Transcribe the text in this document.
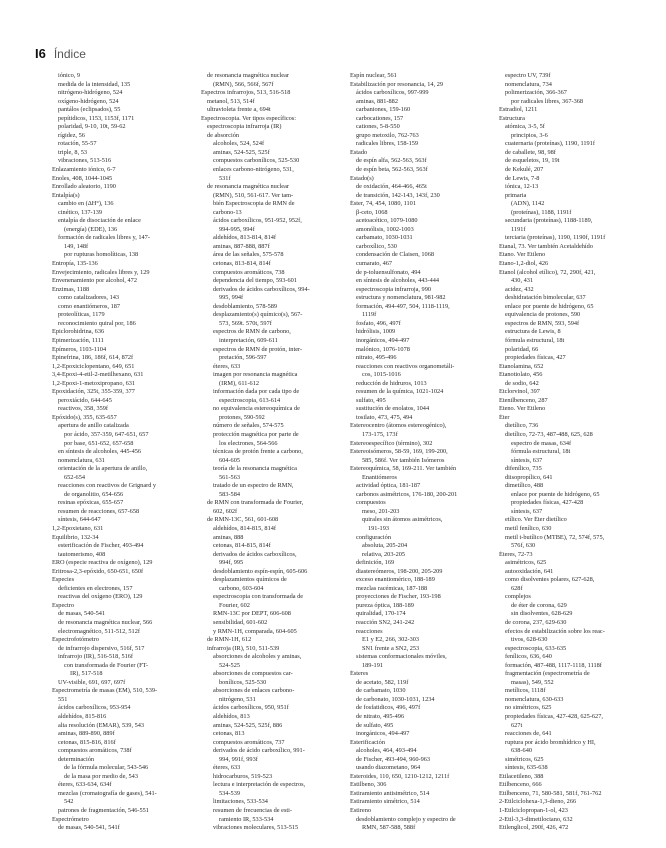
I6 Índice
iónico, 9
medida de la intensidad, 135
nitrógeno-hidrógeno, 524
oxígeno-hidrógeno, 524
pantálos (eclipsados), 55
pepítidicos, 1153, 1153f, 1171
polaridad, 9-10, 10t, 59-62
rígidez, 56
rotación, 55-57
triple, 8, 53
vibraciones, 513-516
Enlazamiento iónico, 6-7
Enoles, 408, 1044-1045
Enrollado aleatorio, 1190
Entalpía(s)
cambio en (ΔH°), 136
cinético, 137-139
entalpía de disociación de enlace
(energía) (EDE), 136
formación de radicales libres y, 147-
149, 148f
por rupturas homolíticas, 138
Entropía, 135-136
Envejecimiento, radicales libres y, 129
Envenenamiento por alcohol, 472
Enzimas, 1188
como catalizadores, 143
como enantiómeros, 187
proteolíticas, 1179
reconocimiento quiral por, 186
Epiclorohidrina, 636
Epimerización, 1111
Epímeros, 1103-1104
Epinefrina, 186, 186f, 614, 872f
1,2-Epoxiciclopentano, 649, 651
3,4-Epoxi-4-etil-2-metilhexano, 631
1,2-Epoxi-1-metoxipropano, 631
Epoxidación, 325t, 355-359, 377
peroxiácido, 644-645
reactivos, 358, 359f
Epóxido(s), 355, 635-657
apertura de anillo catalizada
por ácido, 357-359, 647-651, 657
por base, 651-652, 657-658
en síntesis de alcoholes, 445-456
nomenclatura, 631
orientación de la apertura de anillo,
652-654
reacciones con reactivos de Grignard y
de organolitio, 654-656
resinas epóxicas, 655-657
resumen de reacciones, 657-658
síntesis, 644-647
1,2-Epoxietano, 631
Equilibrio, 132-34
esterificación de Fischer, 493-494
tautomerismo, 408
ERO (especie reactiva de oxígeno), 129
Eritrosa-2,3-epóxido, 650-651, 650f
Especies
deficientes en electrones, 157
reactivas del oxígeno (ERO), 129
Espectro
de masas, 540-541
de resonancia magnética nuclear, 566
electromagnético, 511-512, 512f
Espectrofotómetro
de infrarrojo dispersivo, 516f, 517
infrarrojo (IR), 516-518, 516f
con transformada de Fourier (FT-
IR), 517-518
UV-visible, 691, 697, 697f
Espectrometría de masas (EM), 510, 539-
551
ácidos carboxílicos, 953-954
aldehídos, 815-816
alta resolución (EMAR), 539, 543
aminas, 889-890, 889f
cetonas, 815-816, 816f
compuestos aromáticos, 738f
determinación
de la fórmula molecular, 543-546
de la masa por medio de, 543
éteres, 633-634, 634f
mezclas (cromatografía de gases), 541-
542
patrones de fragmentación, 546-551
Espectrómetro
de masas, 540-541, 541f
de resonancia magnética nuclear
(RMN), 566, 566f, 567f
Espectros infrarrojos, 513, 516-518
metanol, 513, 514f
ultravioleta frente a, 694t
Espectroscopia. Ver tipos específicos:
espectroscopia infrarroja (IR)
de absorción
alcoholes, 524, 524f
aminas, 524-525, 525f
compuestos carbonílicos, 525-530
enlaces carbono-nitrógeno, 531,
531f
de resonancia magnética nuclear
(RMN), 510, 561-617. Ver tam-
bién Espectroscopia de RMN de
carbono-13
ácidos carboxílicos, 951-952, 952f,
994-995, 994f
aldehídos, 813-814, 814f
aminas, 887-888, 887f
área de las señales, 575-578
cetonas, 813-814, 814f
compuestos aromáticos, 738
dependencia del tiempo, 593-601
derivados de ácidos carboxílicos, 994-
995, 994f
desdoblamiento, 578-589
desplazamiento(s) químico(s), 567-
573, 569t. 570t, 597f
espectros de RMN de carbono,
interpretación, 609-611
espectros de RMN de protón, inter-
pretación, 596-597
éteres, 633
imagen por resonancia magnética
(IRM), 611-612
información dada por cada tipo de
espectroscopia, 613-614
no equivalencia estereoquímica de
protones, 590-592
número de señales, 574-575
protección magnética por parte de
los electrones, 564-566
técnicas de protón frente a carbono,
604-605
teoría de la resonancia magnética
561-563
tratado de un espectro de RMN,
583-584
de RMN con transformada de Fourier,
602, 602f
de RMN-13C, 561, 601-608
aldehídos, 814-815, 814f
aminas, 888
cetonas, 814-815, 814f
derivados de ácidos carboxílicos,
994f, 995
desdoblamiento espín-espín, 605-606
desplazamientos químicos de
carbono, 603-604
espectroscopia con transformada de
Fourier, 602
RMN-13C por DEPT, 606-608
sensibilidad, 601-602
y RMN-1H, comparada, 604-605
de RMN-1H, 612
infrarroja (IR), 510, 511-539
absorciones de alcoholes y aminas,
524-525
absorciones de compuestos car-
bonílicos, 525-530
absorciones de enlaces carbono-
nitrógeno, 531
ácidos carboxílicos, 950, 951f
aldehídos, 813
aminas, 524-525, 525f, 886
cetonas, 813
compuestos aromáticos, 737
derivados de ácido carboxílico, 991-
994, 991f, 993f
éteres, 633
hidrocarburos, 519-523
lectura e interpretación de espectros,
534-539
limitaciones, 533-534
resumen de frecuencias de esti-
ramiento IR, 533-534
vibraciones moleculares, 513-515
Espín nuclear, 561
Estabilización por resonancia, 14, 29
ácidos carboxílicos, 997-999
aminas, 881-882
carbaniones, 159-160
carbocationes, 157
cationes, 5-8-550
grupo metoxilo, 762-763
radicales libres, 158-159
Estado
de espín alfa, 562-563, 563f
de espín beta, 562-563, 563f
Estado(s)
de oxidación, 464-466, 465t
de transición, 142-143, 143f, 230
Éster, 74, 454, 1080, 1101
β-ceto, 1068
acetoacético, 1079-1080
amonólisis, 1002-1003
carbamato, 1030-1031
carboxílico, 530
condensación de Claisen, 1068
cumarato, 467
de p-toluensulfonato, 494
en síntesis de alcoholes, 443-444
espectroscopia infrarroja, 990
estructura y nomenclatura, 981-982
formación, 494-497, 504, 1118-1119,
1119f
fosfato, 496, 497f
hidrólisis, 1009
inorgánicos, 494-497
malónico, 1076-1078
nitrato, 495-496
reacciones con reactivos organometáli-
cos, 1015-1016
reducción de hidruros, 1013
resumen de la química, 1021-1024
sulfato, 495
sustitución de enolatos, 1044
tosilato, 473, 475, 494
Estereocentro (átomos estereogénico),
173-175, 173f
Estereoespecífico (término), 302
Estereoisómeros, 58-59, 169, 199-200,
585, 586f. Ver también Isómeros
Estereoquímica, 58, 169-211. Ver también
Enantiómeros
actividad óptica, 181-187
carbonos asimétricos, 176-180, 200-201
compuestos
meso, 201-203
quirales sin átomos asimétricos,
191-193
configuración
absoluta, 205-204
relativa, 203-205
definición, 169
diastereómeros, 198-200, 205-209
exceso enantiomérico, 188-189
mezclas racémicas, 187-188
proyecciones de Fischer, 193-198
pureza óptica, 188-189
quiralidad, 170-174
reacción SN2, 241-242
reacciones
E1 y E2, 266, 302-303
SN1 frente a SN2, 253
sistemas conformacionales móviles,
189-191
Ésteres
de acetato, 582, 119f
de carbamato, 1030
de carbonato, 1030-1031, 1234
de fosfatidicos, 496, 497f
de nitrato, 495-496
de sulfato, 495
inorgánicos, 494-497
Esterificación
alcoholes, 464, 493-494
de Fischer, 493-494, 960-963
usando diazometano, 964
Esteroides, 110, 650, 1210-1212, 1211f
Estilbeno, 306
Estiramiento antisimétrico, 514
Estiramiento simétrico, 514
Estireno
desdoblamiento complejo y espectro de
RMN, 587-588, 588f
espectro UV, 739f
nomenclatura, 734
polimerización, 366-367
por radicales libres, 367-368
Estradiol, 1211
Estructura
atómica, 3-5, 5f
principios, 3-6
cuaternaria (proteínas), 1190, 1191f
de caballete, 98, 98f
de esqueletos, 19, 19t
de Kekulé, 207
de Lewis, 7-8
iónica, 12-13
primaria
(ADN), 1142
(proteínas), 1188, 1191f
secundaria (proteínas), 1188-1189,
1191f
terciaria (proteínas), 1190, 1190f, 1191f
Etanal, 73. Ver también Acetaldehído
Etano. Ver Etileno
Etano-1,2-diol, 426
Etanol (alcohol etílico), 72, 290f, 421,
430, 431
acidez, 432
deshidratación bimolecular, 637
enlace por puente de hidrógeno, 65
equivalencia de protones, 590
espectros de RMN, 593, 594f
estructura de Lewis, 8
fórmula estructural, 18t
polaridad, 66
propiedades físicas, 427
Etanolamina, 652
Etanotiolato, 456
de sodio, 642
Etclorvinol, 397
Etenilbenceno, 287
Eteno. Ver Etileno
Éter
dietílico, 736
dietílico, 72-73, 487-488, 625, 628
espectro de masas, 634f
fórmula estructural, 18t
síntesis, 637
difenílico, 735
diisopropílico, 641
dimetílico, 488
enlace por puente de hidrógeno, 65
propiedades físicas, 427-428
síntesis, 637
etílico. Ver Éter dietílico
metil fenílico, 630
metil t-butílico (MTBE), 72, 574f, 575,
576f, 630
Éteres, 72-73
asimétricos, 625
autooxidación, 641
como disolventes polares, 627-628,
628f
complejos
de éter de corona, 629
sin disolventes, 628-629
de corona, 237, 629-630
efectos de estabilización sobre los reac-
tivos, 628-630
espectroscopia, 633-635
fenílicos, 636, 640
formación, 487-488, 1117-1118, 1118f
fragmentación (espectrometría de
masas), 549, 552
metílicos, 1118f
nomenclatura, 630-633
no simétricos, 625
propiedades físicas, 427-428, 625-627,
627t
reacciones de, 641
ruptura por ácido bromhídrico y HI,
638-640
simétricos, 625
síntesis, 635-638
Etilacetileno, 388
Etilbenceno, 666
Etilbenceno, 71, 580-581, 581f, 761-762
2-Etilciclohexa-1,3-dieno, 266
1-Etilciclopropan-1-ol, 423
2-Etil-3,3-dimetiloctano, 632
Etilenglicol, 290f, 426, 472
